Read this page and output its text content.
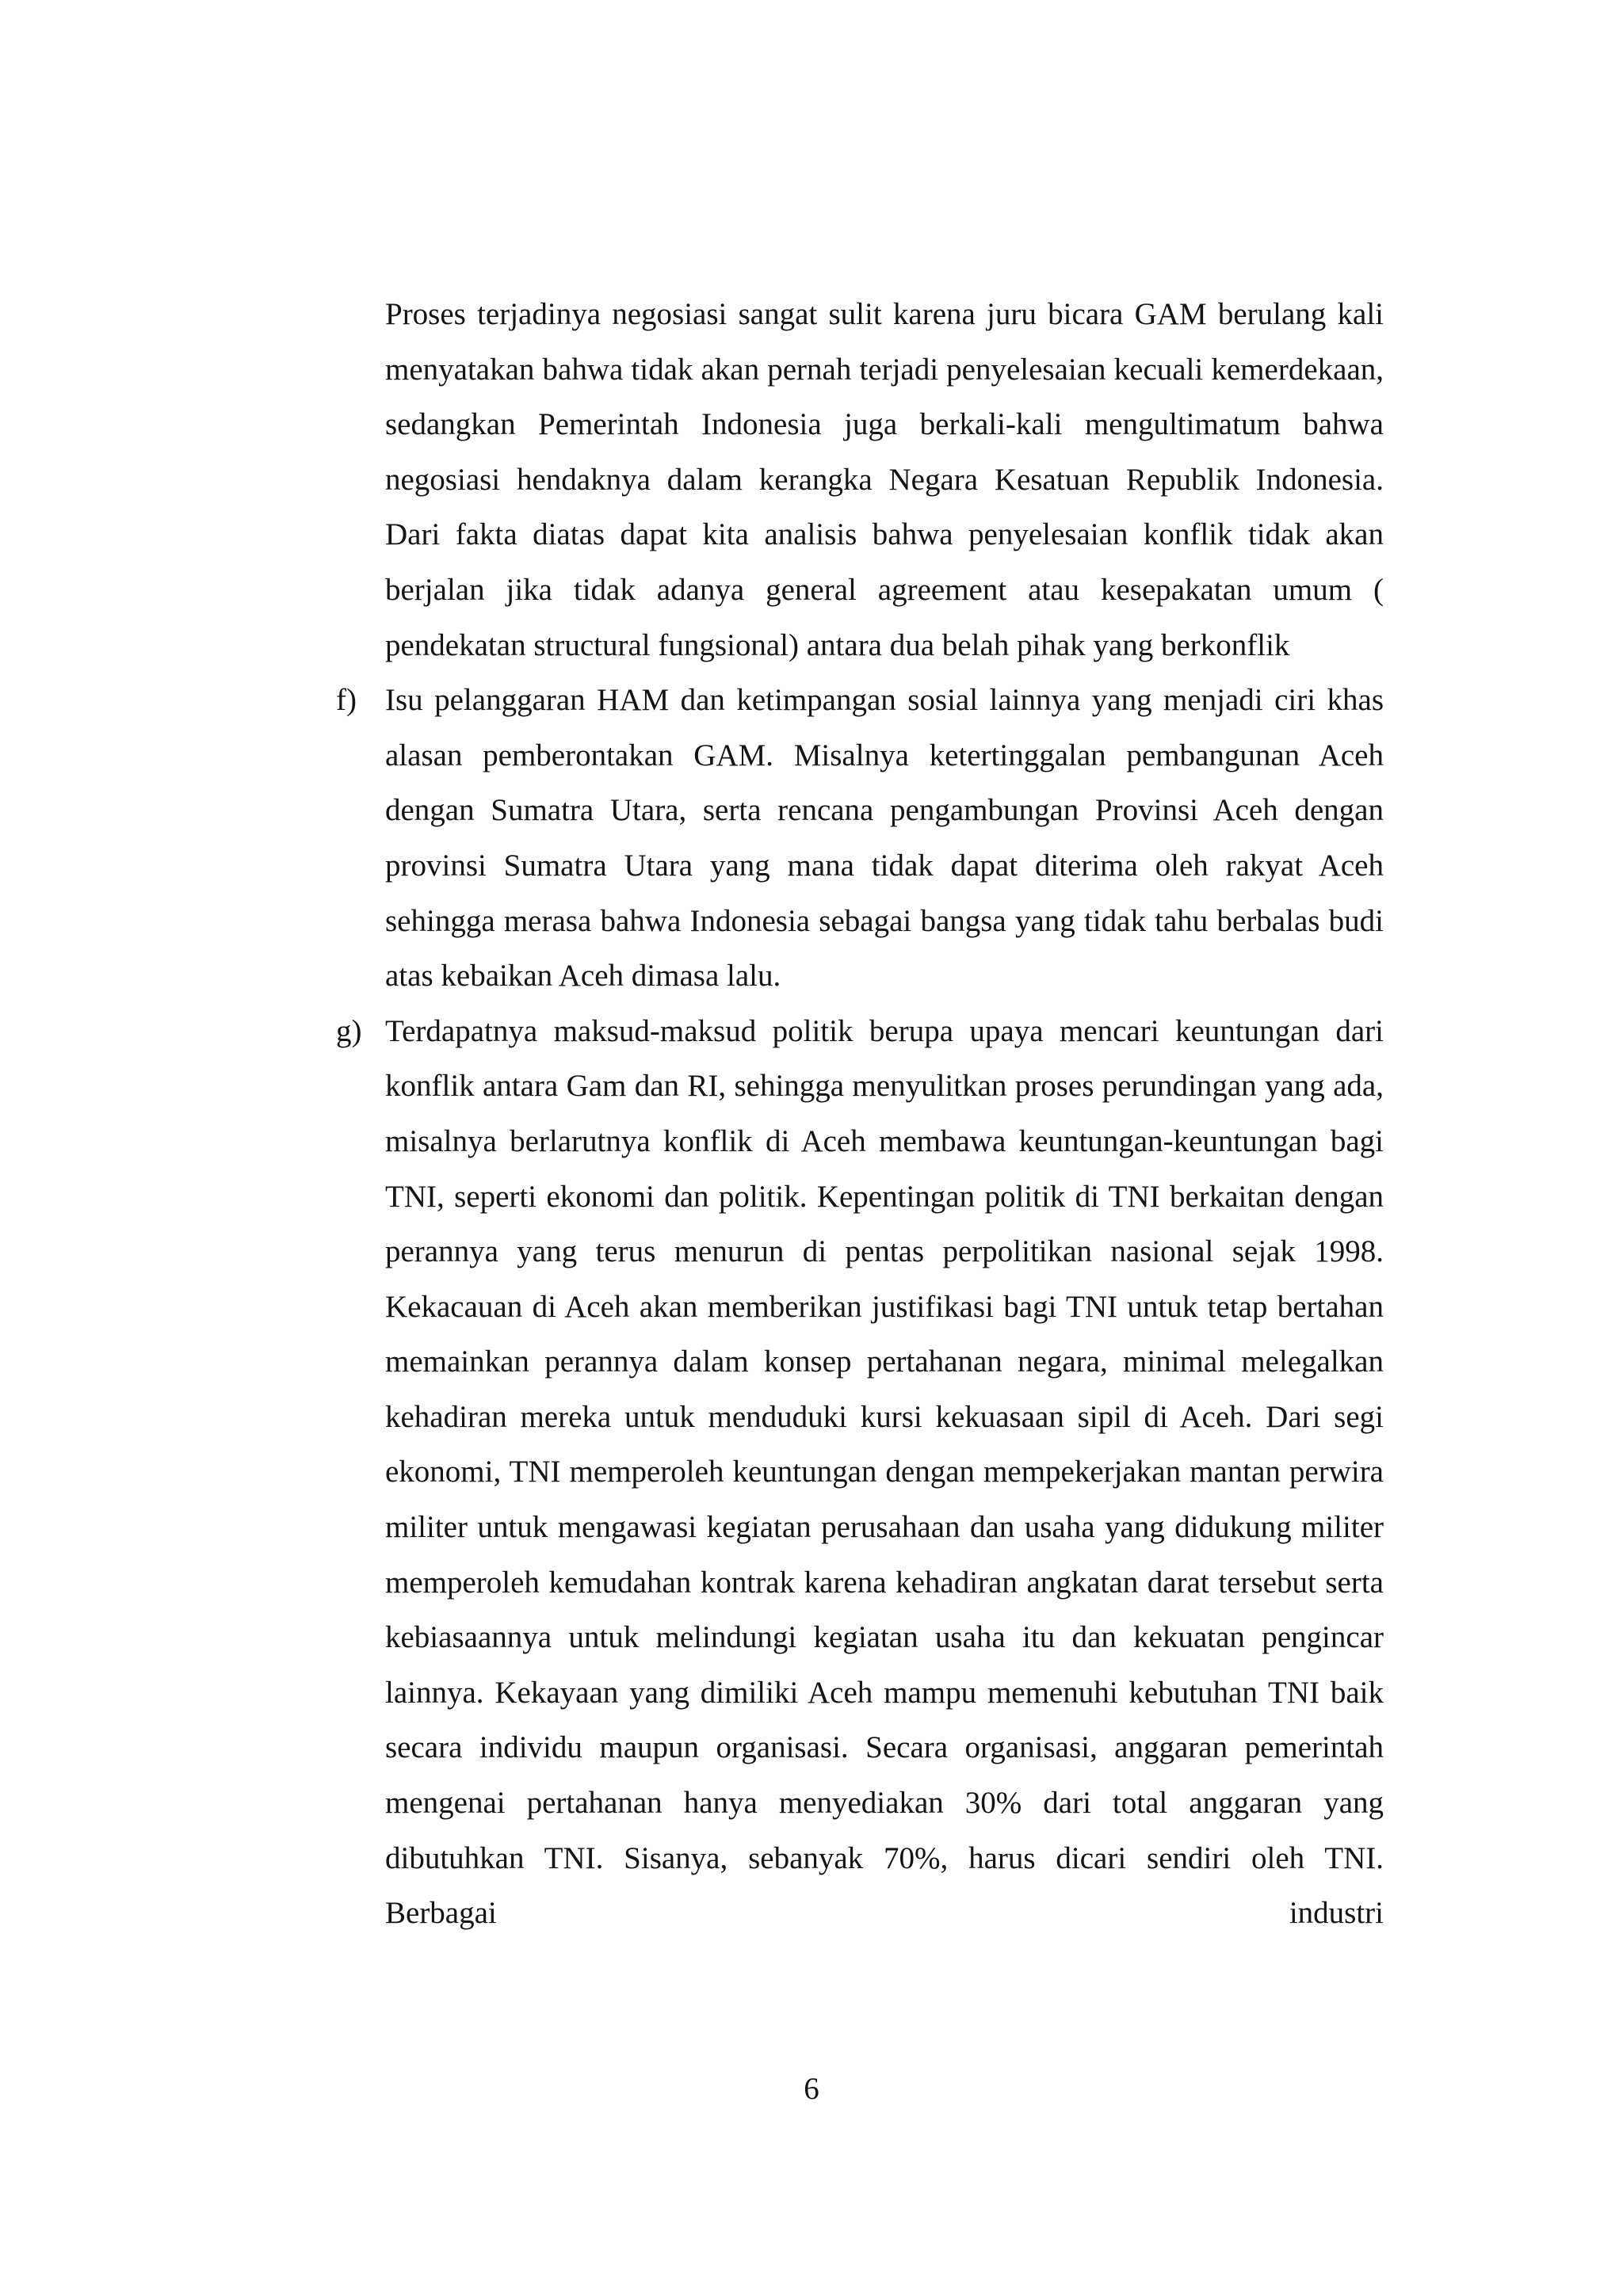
Proses terjadinya negosiasi sangat sulit karena juru bicara GAM berulang kali menyatakan bahwa tidak akan pernah terjadi penyelesaian kecuali kemerdekaan, sedangkan Pemerintah Indonesia juga berkali-kali mengultimatum bahwa negosiasi hendaknya dalam kerangka Negara Kesatuan Republik Indonesia. Dari fakta diatas dapat kita analisis bahwa penyelesaian konflik tidak akan berjalan jika tidak adanya general agreement atau kesepakatan umum ( pendekatan structural fungsional) antara dua belah pihak yang berkonflik

f) Isu pelanggaran HAM dan ketimpangan sosial lainnya yang menjadi ciri khas alasan pemberontakan GAM. Misalnya ketertinggalan pembangunan Aceh dengan Sumatra Utara, serta rencana pengambungan Provinsi Aceh dengan provinsi Sumatra Utara yang mana tidak dapat diterima oleh rakyat Aceh sehingga merasa bahwa Indonesia sebagai bangsa yang tidak tahu berbalas budi atas kebaikan Aceh dimasa lalu.

g) Terdapatnya maksud-maksud politik berupa upaya mencari keuntungan dari konflik antara Gam dan RI, sehingga menyulitkan proses perundingan yang ada, misalnya berlarutnya konflik di Aceh membawa keuntungan-keuntungan bagi TNI, seperti ekonomi dan politik. Kepentingan politik di TNI berkaitan dengan perannya yang terus menurun di pentas perpolitikan nasional sejak 1998. Kekacauan di Aceh akan memberikan justifikasi bagi TNI untuk tetap bertahan memainkan perannya dalam konsep pertahanan negara, minimal melegalkan kehadiran mereka untuk menduduki kursi kekuasaan sipil di Aceh. Dari segi ekonomi, TNI memperoleh keuntungan dengan mempekerjakan mantan perwira militer untuk mengawasi kegiatan perusahaan dan usaha yang didukung militer memperoleh kemudahan kontrak karena kehadiran angkatan darat tersebut serta kebiasaannya untuk melindungi kegiatan usaha itu dan kekuatan pengincar lainnya. Kekayaan yang dimiliki Aceh mampu memenuhi kebutuhan TNI baik secara individu maupun organisasi. Secara organisasi, anggaran pemerintah mengenai pertahanan hanya menyediakan 30% dari total anggaran yang dibutuhkan TNI. Sisanya, sebanyak 70%, harus dicari sendiri oleh TNI. Berbagai industri

6
